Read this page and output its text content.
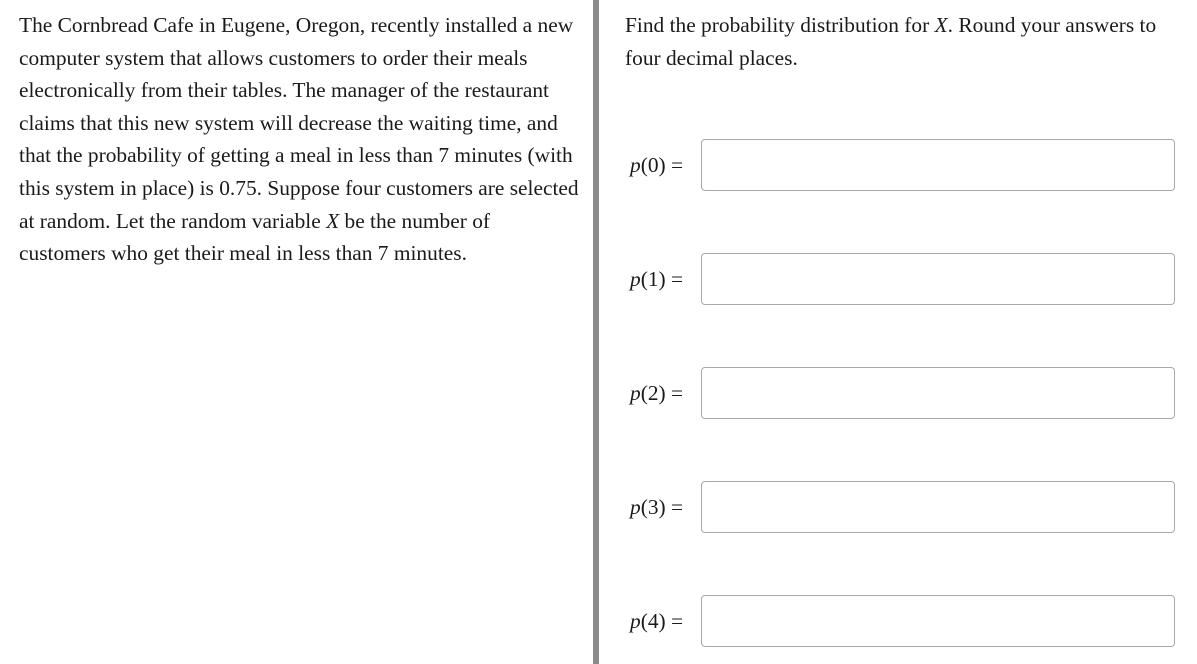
The Cornbread Cafe in Eugene, Oregon, recently installed a new computer system that allows customers to order their meals electronically from their tables. The manager of the restaurant claims that this new system will decrease the waiting time, and that the probability of getting a meal in less than 7 minutes (with this system in place) is 0.75. Suppose four customers are selected at random. Let the random variable X be the number of customers who get their meal in less than 7 minutes.

Find the probability distribution for X. Round your answers to four decimal places.

p(0) =
p(1) =
p(2) =
p(3) =
p(4) =
